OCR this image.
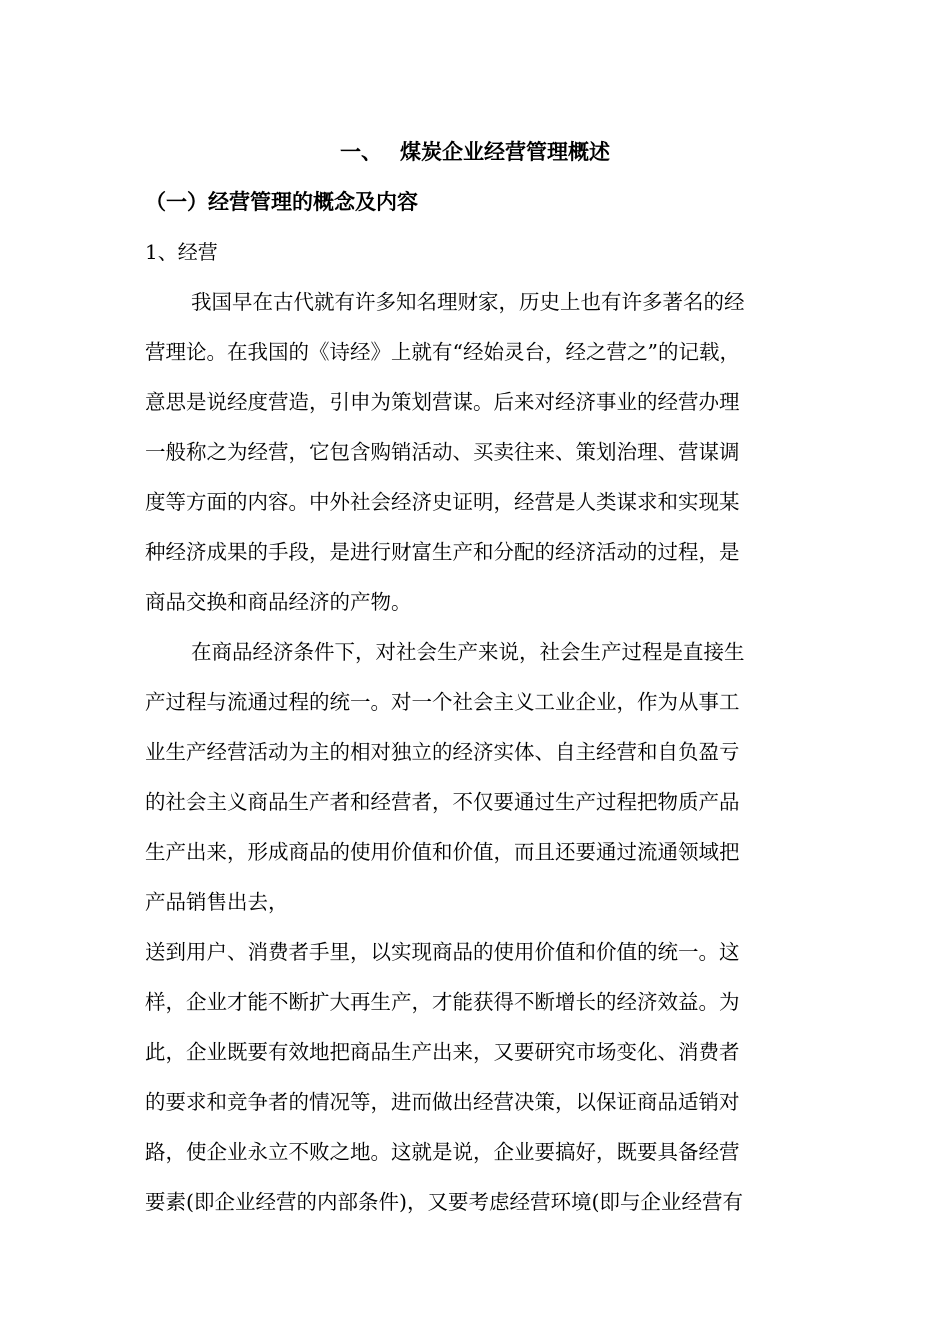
一、 煤炭企业经营管理概述
（一）经营管理的概念及内容
1、经营
我国早在古代就有许多知名理财家，历史上也有许多著名的经
营理论。在我国的《诗经》上就有“经始灵台，经之营之”的记载，
意思是说经度营造，引申为策划营谋。后来对经济事业的经营办理
一般称之为经营，它包含购销活动、买卖往来、策划治理、营谋调
度等方面的内容。中外社会经济史证明，经营是人类谋求和实现某
种经济成果的手段，是进行财富生产和分配的经济活动的过程，是
商品交换和商品经济的产物。
在商品经济条件下，对社会生产来说，社会生产过程是直接生
产过程与流通过程的统一。对一个社会主义工业企业，作为从事工
业生产经营活动为主的相对独立的经济实体、自主经营和自负盈亏
的社会主义商品生产者和经营者，不仅要通过生产过程把物质产品
生产出来，形成商品的使用价值和价值，而且还要通过流通领域把
产品销售出去，
送到用户、消费者手里，以实现商品的使用价值和价值的统一。这
样，企业才能不断扩大再生产，才能获得不断增长的经济效益。为
此，企业既要有效地把商品生产出来，又要研究市场变化、消费者
的要求和竞争者的情况等，进而做出经营决策，以保证商品适销对
路，使企业永立不败之地。这就是说，企业要搞好，既要具备经营
要素(即企业经营的内部条件)，又要考虑经营环境(即与企业经营有
